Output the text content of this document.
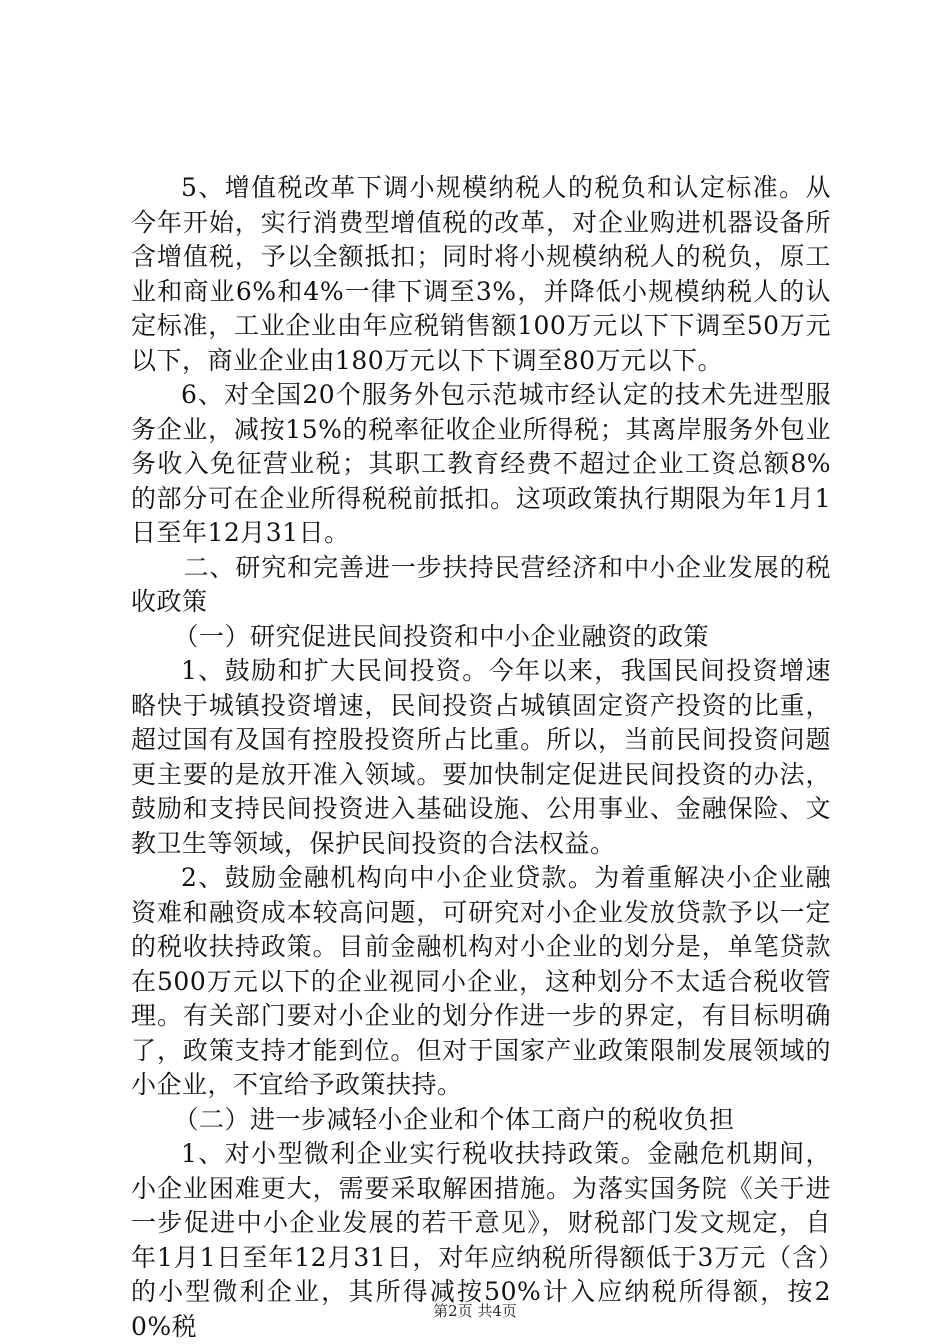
5、增值税改革下调小规模纳税人的税负和认定标准。从今年开始，实行消费型增值税的改革，对企业购进机器设备所含增值税，予以全额抵扣；同时将小规模纳税人的税负，原工业和商业6%和4%一律下调至3%，并降低小规模纳税人的认定标准，工业企业由年应税销售额100万元以下下调至50万元以下，商业企业由180万元以下下调至80万元以下。

6、对全国20个服务外包示范城市经认定的技术先进型服务企业，减按15%的税率征收企业所得税；其离岸服务外包业务收入免征营业税；其职工教育经费不超过企业工资总额8%的部分可在企业所得税税前抵扣。这项政策执行期限为年1月1日至年12月31日。

二、研究和完善进一步扶持民营经济和中小企业发展的税收政策

（一）研究促进民间投资和中小企业融资的政策

1、鼓励和扩大民间投资。今年以来，我国民间投资增速略快于城镇投资增速，民间投资占城镇固定资产投资的比重，超过国有及国有控股投资所占比重。所以，当前民间投资问题更主要的是放开准入领域。要加快制定促进民间投资的办法，鼓励和支持民间投资进入基础设施、公用事业、金融保险、文教卫生等领域，保护民间投资的合法权益。

2、鼓励金融机构向中小企业贷款。为着重解决小企业融资难和融资成本较高问题，可研究对小企业发放贷款予以一定的税收扶持政策。目前金融机构对小企业的划分是，单笔贷款在500万元以下的企业视同小企业，这种划分不太适合税收管理。有关部门要对小企业的划分作进一步的界定，有目标明确了，政策支持才能到位。但对于国家产业政策限制发展领域的小企业，不宜给予政策扶持。

（二）进一步减轻小企业和个体工商户的税收负担

1、对小型微利企业实行税收扶持政策。金融危机期间，小企业困难更大，需要采取解困措施。为落实国务院《关于进一步促进中小企业发展的若干意见》，财税部门发文规定，自年1月1日至年12月31日，对年应纳税所得额低于3万元（含）的小型微利企业，其所得减按50%计入应纳税所得额，按20%税

第2页 共4页
